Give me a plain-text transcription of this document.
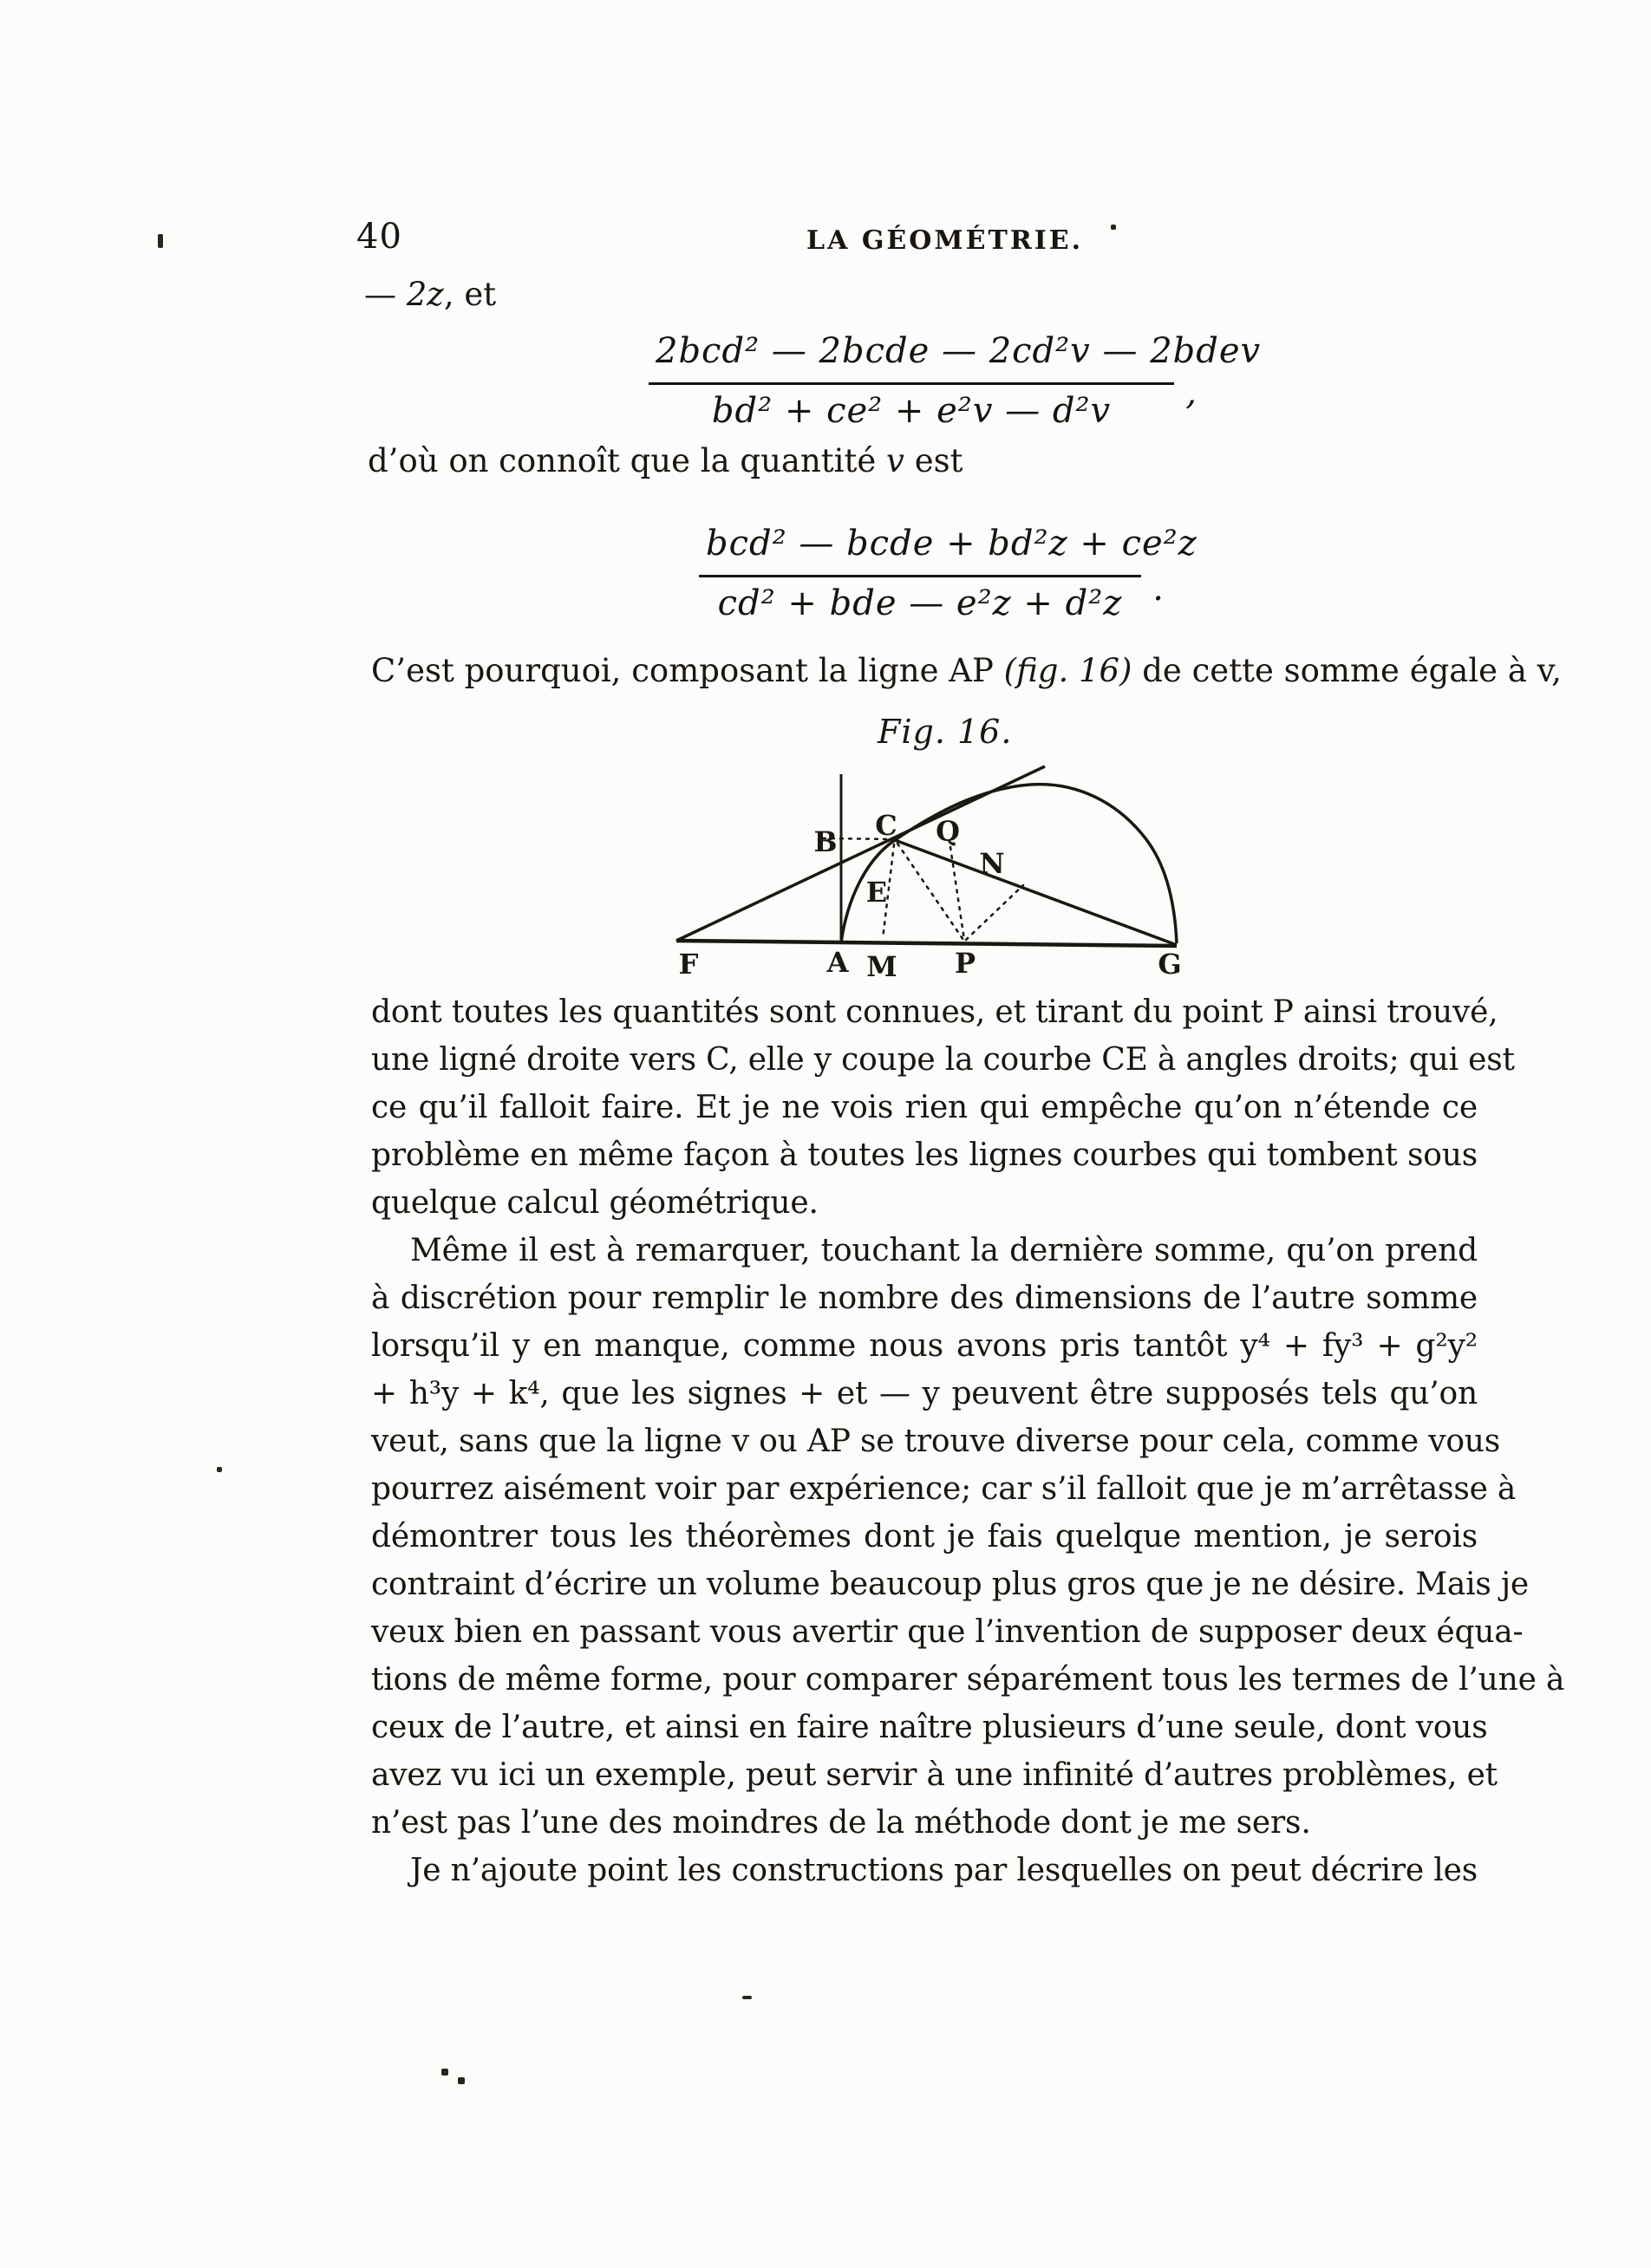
40	LA GÉOMÉTRIE.
— 2z, et
2bcd² — 2bcde — 2cd²v — 2bdev
bd² + ce² + e²v — d²v	,
d’où on connoît que la quantité v est
bcd² — bcde + bd²z + ce²z
cd² + bde — e²z + d²z .
C’est pourquoi, composant la ligne AP (fig. 16) de cette somme égale à v,
Fig. 16.
B C Q
N
E
F	A M P	G
dont toutes les quantités sont connues, et tirant du point P ainsi trouvé,
une ligné droite vers C, elle y coupe la courbe CE à angles droits; qui est
ce qu’il falloit faire. Et je ne vois rien qui empêche qu’on n’étende ce
problème en même façon à toutes les lignes courbes qui tombent sous
quelque calcul géométrique.
Même il est à remarquer, touchant la dernière somme, qu’on prend
à discrétion pour remplir le nombre des dimensions de l’autre somme
lorsqu’il y en manque, comme nous avons pris tantôt y⁴ + fy³ + g²y²
+ h³y + k⁴, que les signes + et — y peuvent être supposés tels qu’on
veut, sans que la ligne v ou AP se trouve diverse pour cela, comme vous
pourrez aisément voir par expérience; car s’il falloit que je m’arrêtasse à
démontrer tous les théorèmes dont je fais quelque mention, je serois
contraint d’écrire un volume beaucoup plus gros que je ne désire. Mais je
veux bien en passant vous avertir que l’invention de supposer deux équa-
tions de même forme, pour comparer séparément tous les termes de l’une à
ceux de l’autre, et ainsi en faire naître plusieurs d’une seule, dont vous
avez vu ici un exemple, peut servir à une infinité d’autres problèmes, et
n’est pas l’une des moindres de la méthode dont je me sers.
Je n’ajoute point les constructions par lesquelles on peut décrire les
